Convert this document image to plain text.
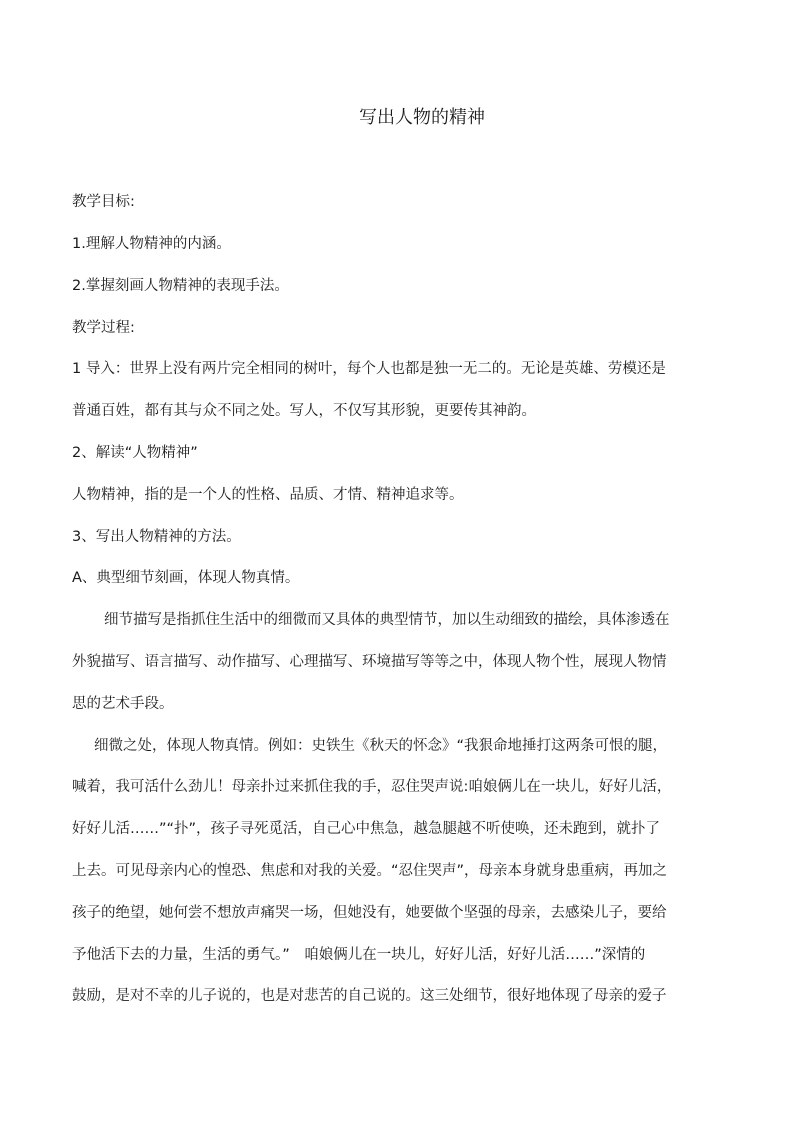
写出人物的精神
教学目标:
1.理解人物精神的内涵。
2.掌握刻画人物精神的表现手法。
教学过程:
1 导入：世界上没有两片完全相同的树叶，每个人也都是独一无二的。无论是英雄、劳模还是
普通百姓，都有其与众不同之处。写人，不仅写其形貌，更要传其神韵。
2、解读“人物精神”
人物精神，指的是一个人的性格、品质、才情、精神追求等。
3、写出人物精神的方法。
A、典型细节刻画，体现人物真情。
细节描写是指抓住生活中的细微而又具体的典型情节，加以生动细致的描绘，具体渗透在
外貌描写、语言描写、动作描写、心理描写、环境描写等等之中，体现人物个性，展现人物情
思的艺术手段。
细微之处，体现人物真情。例如：史铁生《秋天的怀念》“我狠命地捶打这两条可恨的腿，
喊着，我可活什么劲儿！母亲扑过来抓住我的手，忍住哭声说:咱娘俩儿在一块儿，好好儿活，
好好儿活……”“扑”，孩子寻死觅活，自己心中焦急，越急腿越不听使唤，还未跑到，就扑了
上去。可见母亲内心的惶恐、焦虑和对我的关爱。“忍住哭声”，母亲本身就身患重病，再加之
孩子的绝望，她何尝不想放声痛哭一场，但她没有，她要做个坚强的母亲，去感染儿子，要给
予他活下去的力量，生活的勇气。”　咱娘俩儿在一块儿，好好儿活，好好儿活……”深情的
鼓励，是对不幸的儿子说的，也是对悲苦的自己说的。这三处细节，很好地体现了母亲的爱子
